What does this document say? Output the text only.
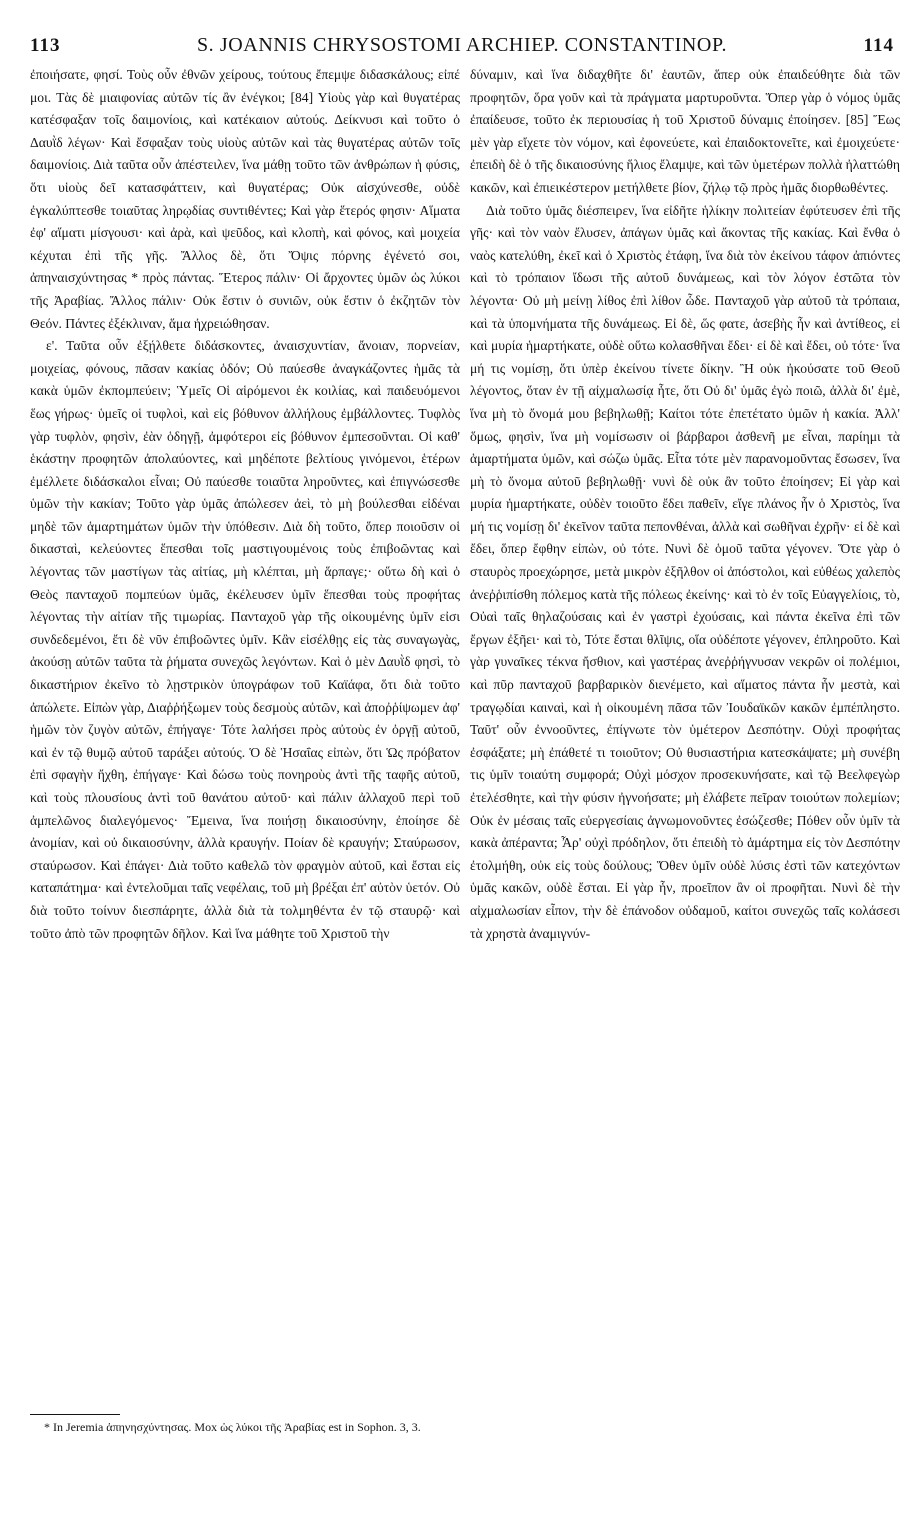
113	S. JOANNIS CHRYSOSTOMI ARCHIEP. CONSTANTINOP.	114

ἐποιήσατε, φησί. Τοὺς οὖν ἐθνῶν χείρους, τούτους ἔπεμψε διδασκάλους; εἰπέ μοι. Τὰς δὲ μιαιφονίας αὐτῶν τίς ἂν ἐνέγκοι; [84] Υἱοὺς γὰρ καὶ θυγατέρας κατέσφαξαν τοῖς δαιμονίοις, καὶ κατέκαιον αὐτούς. Δείκνυσι καὶ τοῦτο ὁ Δαυῒδ λέγων· Καὶ ἔσφαξαν τοὺς υἱοὺς αὐτῶν καὶ τὰς θυγατέρας αὐτῶν τοῖς δαιμονίοις. Διὰ ταῦτα οὖν ἀπέστειλεν, ἵνα μάθῃ τοῦτο τῶν ἀνθρώπων ἡ φύσις, ὅτι υἱοὺς δεῖ κατασφάττειν, καὶ θυγατέρας; Οὐκ αἰσχύνεσθε, οὐδὲ ἐγκαλύπτεσθε τοιαῦτας ληρῳδίας συντιθέντες; Καὶ γὰρ ἕτερός φησιν· Αἵματα ἐφ' αἵματι μίσγουσι· καὶ ἀρὰ, καὶ ψεῦδος, καὶ κλοπὴ, καὶ φόνος, καὶ μοιχεία κέχυται ἐπὶ τῆς γῆς. Ἄλλος δὲ, ὅτι Ὄψις πόρνης ἐγένετό σοι, ἀπηναισχύντησας * πρὸς πάντας. Ἕτερος πάλιν· Οἱ ἄρχοντες ὑμῶν ὡς λύκοι τῆς Ἀραβίας. Ἄλλος πάλιν· Οὐκ ἔστιν ὁ συνιῶν, οὐκ ἔστιν ὁ ἐκζητῶν τὸν Θεόν. Πάντες ἐξέκλιναν, ἅμα ἠχρειώθησαν.

ε'. Ταῦτα οὖν ἐξῄλθετε διδάσκοντες, ἀναισχυντίαν, ἄνοιαν, πορνείαν, μοιχείας, φόνους, πᾶσαν κακίας ὁδόν; Οὐ παύεσθε ἀναγκάζοντες ἡμᾶς τὰ κακὰ ὑμῶν ἐκπομπεύειν; Ὑμεῖς Οἱ αἱρόμενοι ἐκ κοιλίας, καὶ παιδευόμενοι ἕως γήρως· ὑμεῖς οἱ τυφλοὶ, καὶ εἰς βόθυνον ἀλλήλους ἐμβάλλοντες. Τυφλὸς γὰρ τυφλὸν, φησὶν, ἐὰν ὁδηγῇ, ἀμφότεροι εἰς βόθυνον ἐμπεσοῦνται. Οἱ καθ' ἑκάστην προφητῶν ἀπολαύοντες, καὶ μηδέποτε βελτίους γινόμενοι, ἑτέρων ἐμέλλετε διδάσκαλοι εἶναι; Οὐ παύεσθε τοιαῦτα ληροῦντες, καὶ ἐπιγνώσεσθε ὑμῶν τὴν κακίαν; Τοῦτο γὰρ ὑμᾶς ἀπώλεσεν ἀεὶ, τὸ μὴ βούλεσθαι εἰδέναι μηδὲ τῶν ἁμαρτημάτων ὑμῶν τὴν ὑπόθεσιν. Διὰ δὴ τοῦτο, ὅπερ ποιοῦσιν οἱ δικασταὶ, κελεύοντες ἕπεσθαι τοῖς μαστιγουμένοις τοὺς ἐπιβοῶντας καὶ λέγοντας τῶν μαστίγων τὰς αἰτίας, μὴ κλέπται, μὴ ἅρπαγε;· οὕτω δὴ καὶ ὁ Θεὸς πανταχοῦ πομπεύων ὑμᾶς, ἐκέλευσεν ὑμῖν ἕπεσθαι τοὺς προφήτας λέγοντας τὴν αἰτίαν τῆς τιμωρίας. Πανταχοῦ γὰρ τῆς οἰκουμένης ὑμῖν εἰσι συνδεδεμένοι, ἔτι δὲ νῦν ἐπιβοῶντες ὑμῖν. Κἂν εἰσέλθῃς εἰς τὰς συναγωγὰς, ἀκούσῃ αὐτῶν ταῦτα τὰ ῥήματα συνεχῶς λεγόντων. Καὶ ὁ μὲν Δαυῒδ φησὶ, τὸ δικαστήριον ἐκεῖνο τὸ λῃστρικὸν ὑπογράφων τοῦ Καϊάφα, ὅτι διὰ τοῦτο ἀπώλετε. Εἰπὼν γὰρ, Διαῤῥήξωμεν τοὺς δεσμοὺς αὐτῶν, καὶ ἀποῤῥίψωμεν ἀφ' ἡμῶν τὸν ζυγὸν αὐτῶν, ἐπήγαγε· Τότε λαλήσει πρὸς αὐτοὺς ἐν ὀργῇ αὐτοῦ, καὶ ἐν τῷ θυμῷ αὐτοῦ ταράξει αὐτούς. Ὁ δὲ Ἡσαΐας εἰπὼν, ὅτι Ὡς πρόβατον ἐπὶ σφαγὴν ἤχθη, ἐπήγαγε· Καὶ δώσω τοὺς πονηροὺς ἀντὶ τῆς ταφῆς αὐτοῦ, καὶ τοὺς πλουσίους ἀντὶ τοῦ θανάτου αὐτοῦ· καὶ πάλιν ἀλλαχοῦ περὶ τοῦ ἀμπελῶνος διαλεγόμενος· Ἔμεινα, ἵνα ποιήσῃ δικαιοσύνην, ἐποίησε δὲ ἀνομίαν, καὶ οὐ δικαιοσύνην, ἀλλὰ κραυγήν. Ποίαν δὲ κραυγήν; Σταύρωσον, σταύρωσον. Καὶ ἐπάγει· Διὰ τοῦτο καθελῶ τὸν φραγμὸν αὐτοῦ, καὶ ἔσται εἰς καταπάτημα· καὶ ἐντελοῦμαι ταῖς νεφέλαις, τοῦ μὴ βρέξαι ἐπ' αὐτὸν ὑετόν. Οὐ διὰ τοῦτο τοίνυν διεσπάρητε, ἀλλὰ διὰ τὰ τολμηθέντα ἐν τῷ σταυρῷ· καὶ τοῦτο ἀπὸ τῶν προφητῶν δῆλον. Καὶ ἵνα μάθητε τοῦ Χριστοῦ τὴν

δύναμιν, καὶ ἵνα διδαχθῆτε δι' ἑαυτῶν, ἅπερ οὐκ ἐπαιδεύθητε διὰ τῶν προφητῶν, ὅρα γοῦν καὶ τὰ πράγματα μαρτυροῦντα. Ὅπερ γὰρ ὁ νόμος ὑμᾶς ἐπαίδευσε, τοῦτο ἐκ περιουσίας ἡ τοῦ Χριστοῦ δύναμις ἐποίησεν. [85] Ἕως μὲν γὰρ εἴχετε τὸν νόμον, καὶ ἐφονεύετε, καὶ ἐπαιδοκτονεῖτε, καὶ ἐμοιχεύετε· ἐπειδὴ δὲ ὁ τῆς δικαιοσύνης ἥλιος ἔλαμψε, καὶ τῶν ὑμετέρων πολλὰ ἠλαττώθη κακῶν, καὶ ἐπιεικέστερον μετήλθετε βίον, ζήλῳ τῷ πρὸς ἡμᾶς διορθωθέντες.

Διὰ τοῦτο ὑμᾶς διέσπειρεν, ἵνα εἰδῆτε ἡλίκην πολιτείαν ἐφύτευσεν ἐπὶ τῆς γῆς· καὶ τὸν ναὸν ἔλυσεν, ἀπάγων ὑμᾶς καὶ ἄκοντας τῆς κακίας. Καὶ ἔνθα ὁ ναὸς κατελύθη, ἐκεῖ καὶ ὁ Χριστὸς ἐτάφη, ἵνα διὰ τὸν ἐκείνου τάφον ἀπιόντες καὶ τὸ τρόπαιον ἴδωσι τῆς αὐτοῦ δυνάμεως, καὶ τὸν λόγον ἐστῶτα τὸν λέγοντα· Οὐ μὴ μείνῃ λίθος ἐπὶ λίθον ὧδε. Πανταχοῦ γὰρ αὐτοῦ τὰ τρόπαια, καὶ τὰ ὑπομνήματα τῆς δυνάμεως. Εἰ δὲ, ὥς φατε, ἀσεβὴς ἦν καὶ ἀντίθεος, εἰ καὶ μυρία ἡμαρτήκατε, οὐδὲ οὕτω κολασθῆναι ἔδει· εἰ δὲ καὶ ἔδει, οὐ τότε· ἵνα μή τις νομίσῃ, ὅτι ὑπὲρ ἐκείνου τίνετε δίκην. Ἢ οὐκ ἠκούσατε τοῦ Θεοῦ λέγοντος, ὅταν ἐν τῇ αἰχμαλωσίᾳ ἦτε, ὅτι Οὐ δι' ὑμᾶς ἐγὼ ποιῶ, ἀλλὰ δι' ἐμὲ, ἵνα μὴ τὸ ὄνομά μου βεβηλωθῇ; Καίτοι τότε ἐπετέτατο ὑμῶν ἡ κακία. Ἀλλ' ὅμως, φησὶν, ἵνα μὴ νομίσωσιν οἱ βάρβαροι ἀσθενῆ με εἶναι, παρίημι τὰ ἁμαρτήματα ὑμῶν, καὶ σώζω ὑμᾶς. Εἶτα τότε μὲν παρανομοῦντας ἔσωσεν, ἵνα μὴ τὸ ὄνομα αὐτοῦ βεβηλωθῇ· νυνὶ δὲ οὐκ ἂν τοῦτο ἐποίησεν; Εἰ γὰρ καὶ μυρία ἡμαρτήκατε, οὐδὲν τοιοῦτο ἔδει παθεῖν, εἴγε πλάνος ἦν ὁ Χριστὸς, ἵνα μή τις νομίσῃ δι' ἐκεῖνον ταῦτα πεπονθέναι, ἀλλὰ καὶ σωθῆναι ἐχρῆν· εἰ δὲ καὶ ἔδει, ὅπερ ἔφθην εἰπὼν, οὐ τότε. Νυνὶ δὲ ὁμοῦ ταῦτα γέγονεν. Ὅτε γὰρ ὁ σταυρὸς προεχώρησε, μετὰ μικρὸν ἐξῆλθον οἱ ἀπόστολοι, καὶ εὐθέως χαλεπὸς ἀνεῤῥιπίσθη πόλεμος κατὰ τῆς πόλεως ἐκείνης· καὶ τὸ ἐν τοῖς Εὐαγγελίοις, τὸ, Οὐαὶ ταῖς θηλαζούσαις καὶ ἐν γαστρὶ ἐχούσαις, καὶ πάντα ἐκεῖνα ἐπὶ τῶν ἔργων ἐξῆει· καὶ τὸ, Τότε ἔσται θλῖψις, οἵα οὐδέποτε γέγονεν, ἐπληροῦτο. Καὶ γὰρ γυναῖκες τέκνα ἤσθιον, καὶ γαστέρας ἀνεῤῥήγνυσαν νεκρῶν οἱ πολέμιοι, καὶ πῦρ πανταχοῦ βαρβαρικὸν διενέμετο, καὶ αἵματος πάντα ἦν μεστὰ, καὶ τραγῳδίαι καιναὶ, καὶ ἡ οἰκουμένη πᾶσα τῶν Ἰουδαϊκῶν κακῶν ἐμπέπληστο. Ταῦτ' οὖν ἐννοοῦντες, ἐπίγνωτε τὸν ὑμέτερον Δεσπότην. Οὐχὶ προφήτας ἐσφάξατε; μὴ ἐπάθετέ τι τοιοῦτον; Οὐ θυσιαστήρια κατεσκάψατε; μὴ συνέβη τις ὑμῖν τοιαύτη συμφορά; Οὐχὶ μόσχον προσεκυνήσατε, καὶ τῷ Βεελφεγὼρ ἐτελέσθητε, καὶ τὴν φύσιν ἠγνοήσατε; μὴ ἐλάβετε πεῖραν τοιούτων πολεμίων; Οὐκ ἐν μέσαις ταῖς εὐεργεσίαις ἀγνωμονοῦντες ἐσώζεσθε; Πόθεν οὖν ὑμῖν τὰ κακὰ ἀπέραντα; Ἆρ' οὐχὶ πρόδηλον, ὅτι ἐπειδὴ τὸ ἁμάρτημα εἰς τὸν Δεσπότην ἐτολμήθη, οὐκ εἰς τοὺς δούλους; Ὅθεν ὑμῖν οὐδὲ λύσις ἐστὶ τῶν κατεχόντων ὑμᾶς κακῶν, οὐδὲ ἔσται. Εἰ γὰρ ἦν, προεῖπον ἂν οἱ προφῆται. Νυνὶ δὲ τὴν αἰχμαλωσίαν εἶπον, τὴν δὲ ἐπάνοδον οὐδαμοῦ, καίτοι συνεχῶς ταῖς κολάσεσι τὰ χρηστὰ ἀναμιγνύν-

* In Jeremia ἀπηνησχύντησας. Mox ὡς λύκοι τῆς Ἀραβίας est in Sophon. 3, 3.
